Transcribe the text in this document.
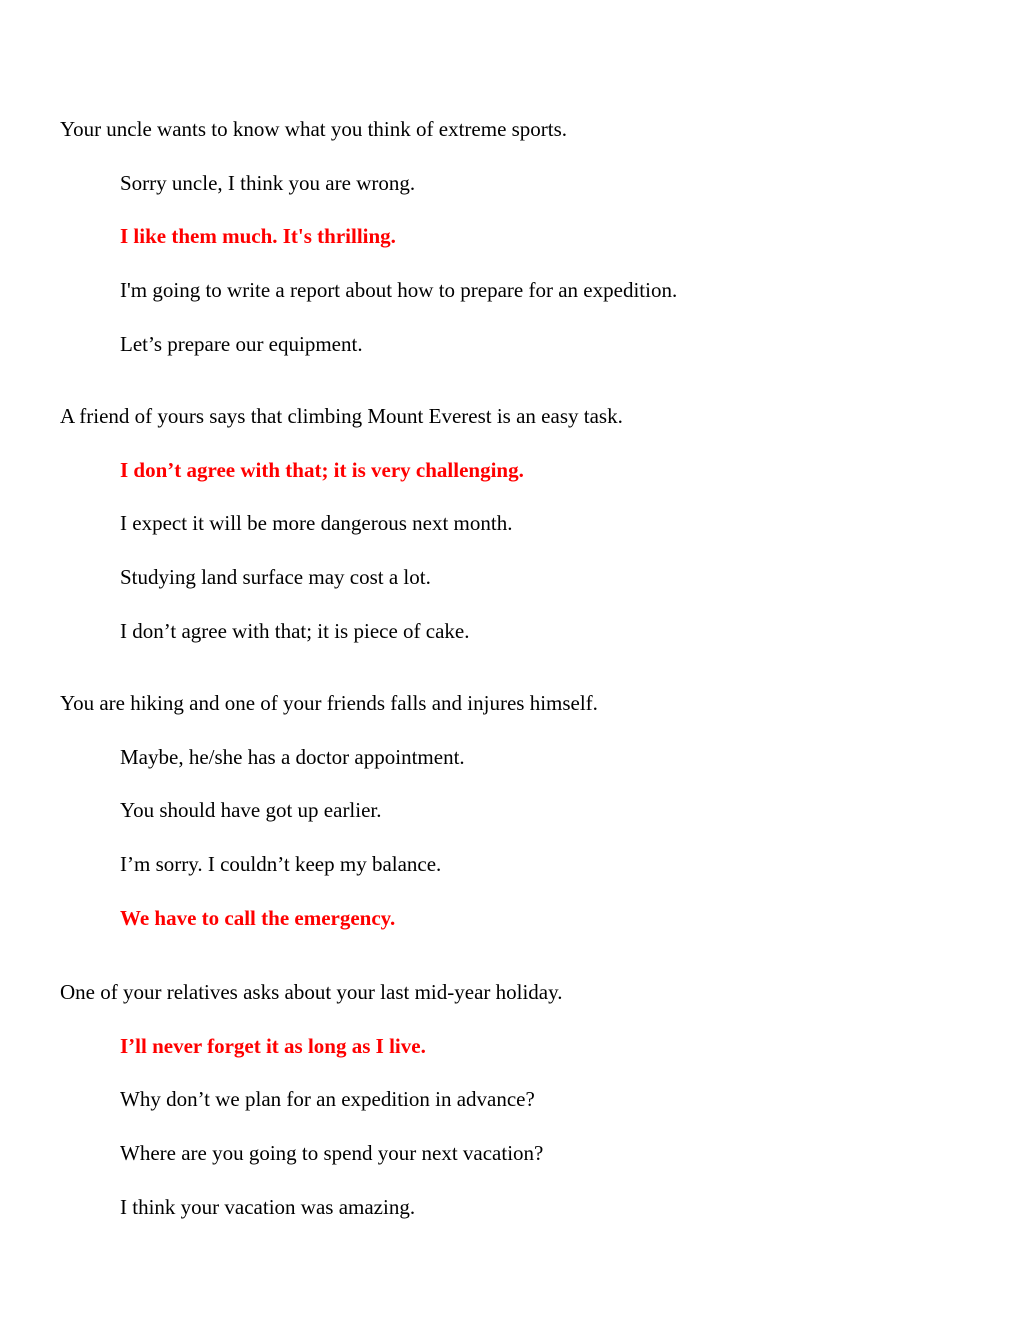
Your uncle wants to know what you think of extreme sports.
Sorry uncle, I think you are wrong.
I like them much. It's thrilling.
I'm going to write a report about how to prepare for an expedition.
Let’s prepare our equipment.
A friend of yours says that climbing Mount Everest is an easy task.
I don’t agree with that; it is very challenging.
I expect it will be more dangerous next month.
Studying land surface may cost a lot.
I don’t agree with that; it is piece of cake.
You are hiking and one of your friends falls and injures himself.
Maybe, he/she has a doctor appointment.
You should have got up earlier.
I’m sorry. I couldn’t keep my balance.
We have to call the emergency.
One of your relatives asks about your last mid-year holiday.
I’ll never forget it as long as I live.
Why don’t we plan for an expedition in advance?
Where are you going to spend your next vacation?
I think your vacation was amazing.
